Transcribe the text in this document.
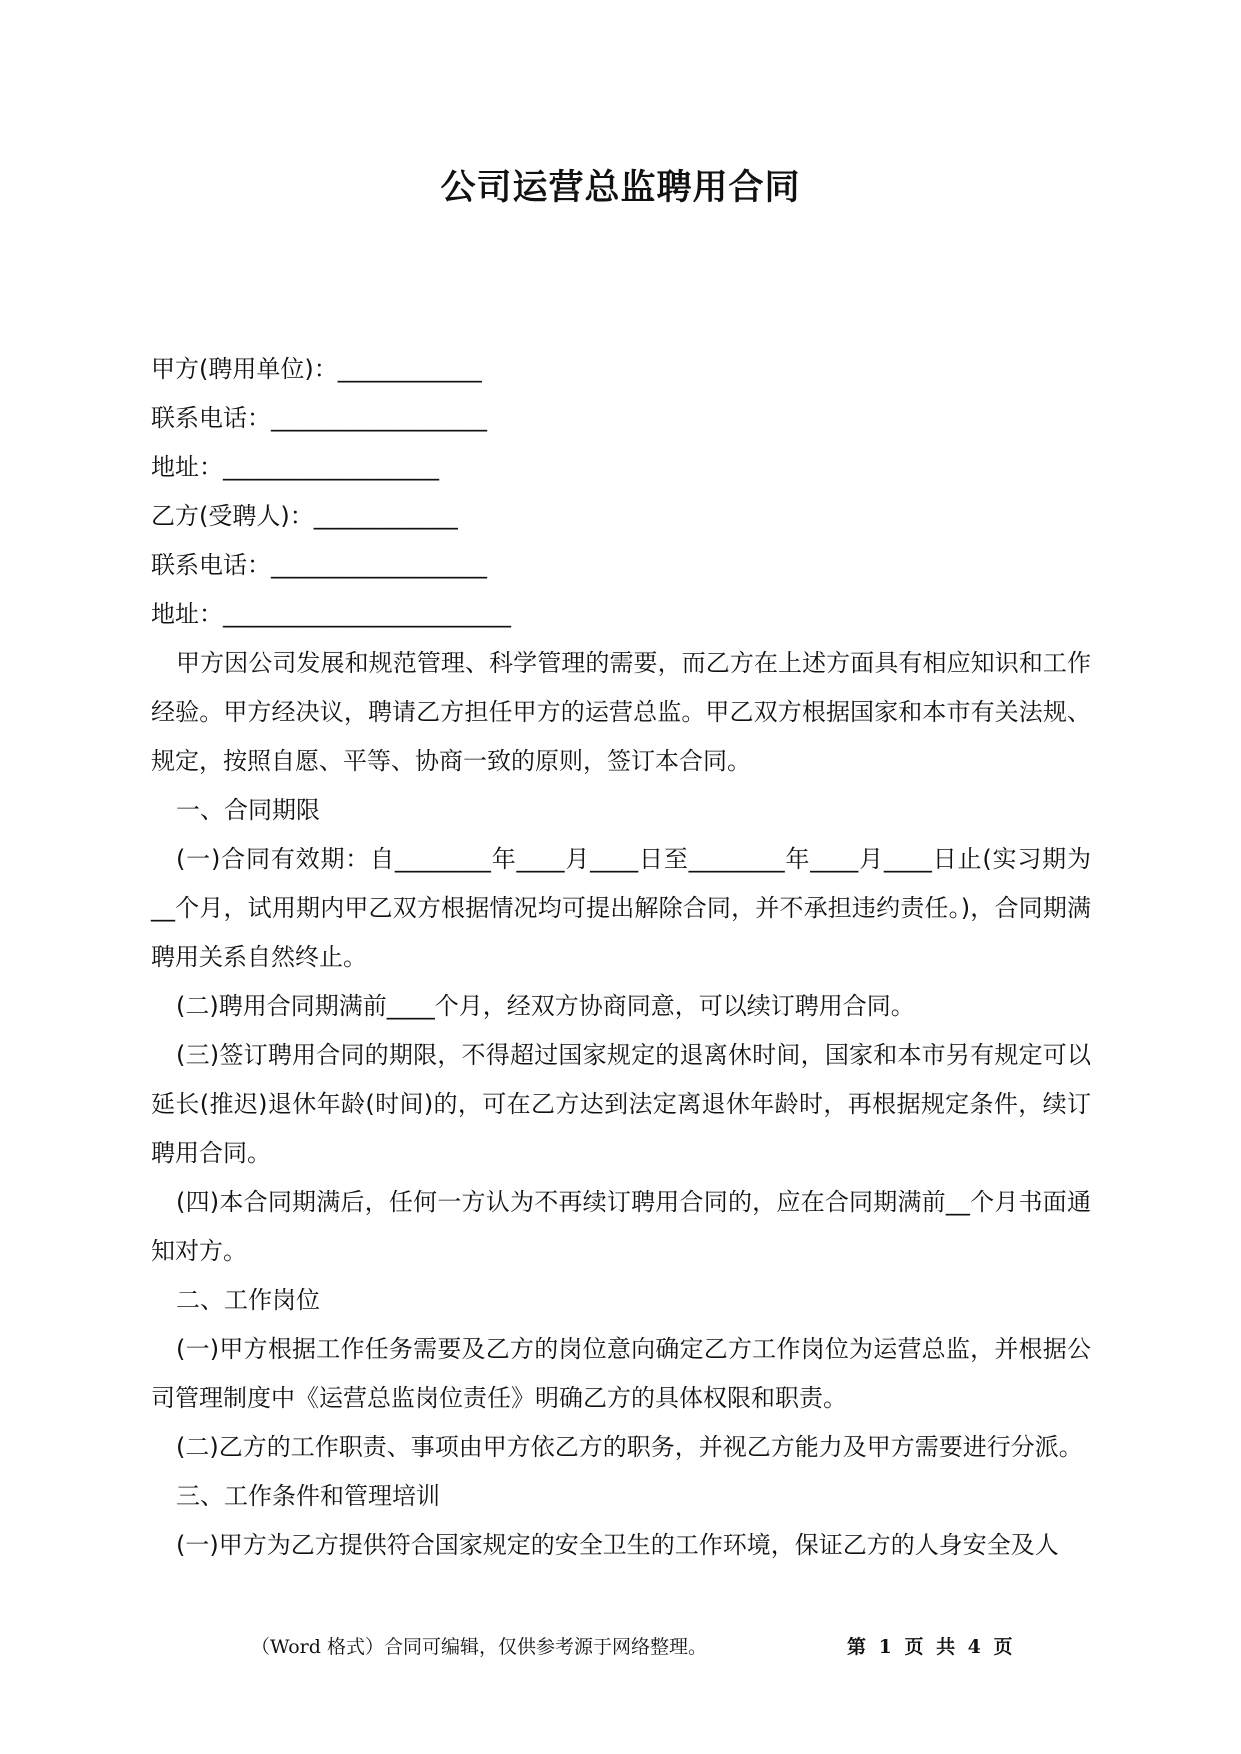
公司运营总监聘用合同

甲方(聘用单位)：____________

联系电话：__________________

地址：__________________

乙方(受聘人)：____________

联系电话：__________________

地址：________________________

甲方因公司发展和规范管理、科学管理的需要，而乙方在上述方面具有相应知识和工作经验。甲方经决议，聘请乙方担任甲方的运营总监。甲乙双方根据国家和本市有关法规、规定，按照自愿、平等、协商一致的原则，签订本合同。

一、合同期限

(一)合同有效期：自________年____月____日至________年____月____日止(实习期为__个月，试用期内甲乙双方根据情况均可提出解除合同，并不承担违约责任。)，合同期满聘用关系自然终止。

(二)聘用合同期满前____个月，经双方协商同意，可以续订聘用合同。

(三)签订聘用合同的期限，不得超过国家规定的退离休时间，国家和本市另有规定可以延长(推迟)退休年龄(时间)的，可在乙方达到法定离退休年龄时，再根据规定条件，续订聘用合同。

(四)本合同期满后，任何一方认为不再续订聘用合同的，应在合同期满前__个月书面通知对方。

二、工作岗位

(一)甲方根据工作任务需要及乙方的岗位意向确定乙方工作岗位为运营总监，并根据公司管理制度中《运营总监岗位责任》明确乙方的具体权限和职责。

(二)乙方的工作职责、事项由甲方依乙方的职务，并视乙方能力及甲方需要进行分派。

三、工作条件和管理培训

(一)甲方为乙方提供符合国家规定的安全卫生的工作环境，保证乙方的人身安全及人

（Word 格式）合同可编辑，仅供参考源于网络整理。	第 1 页 共 4 页
